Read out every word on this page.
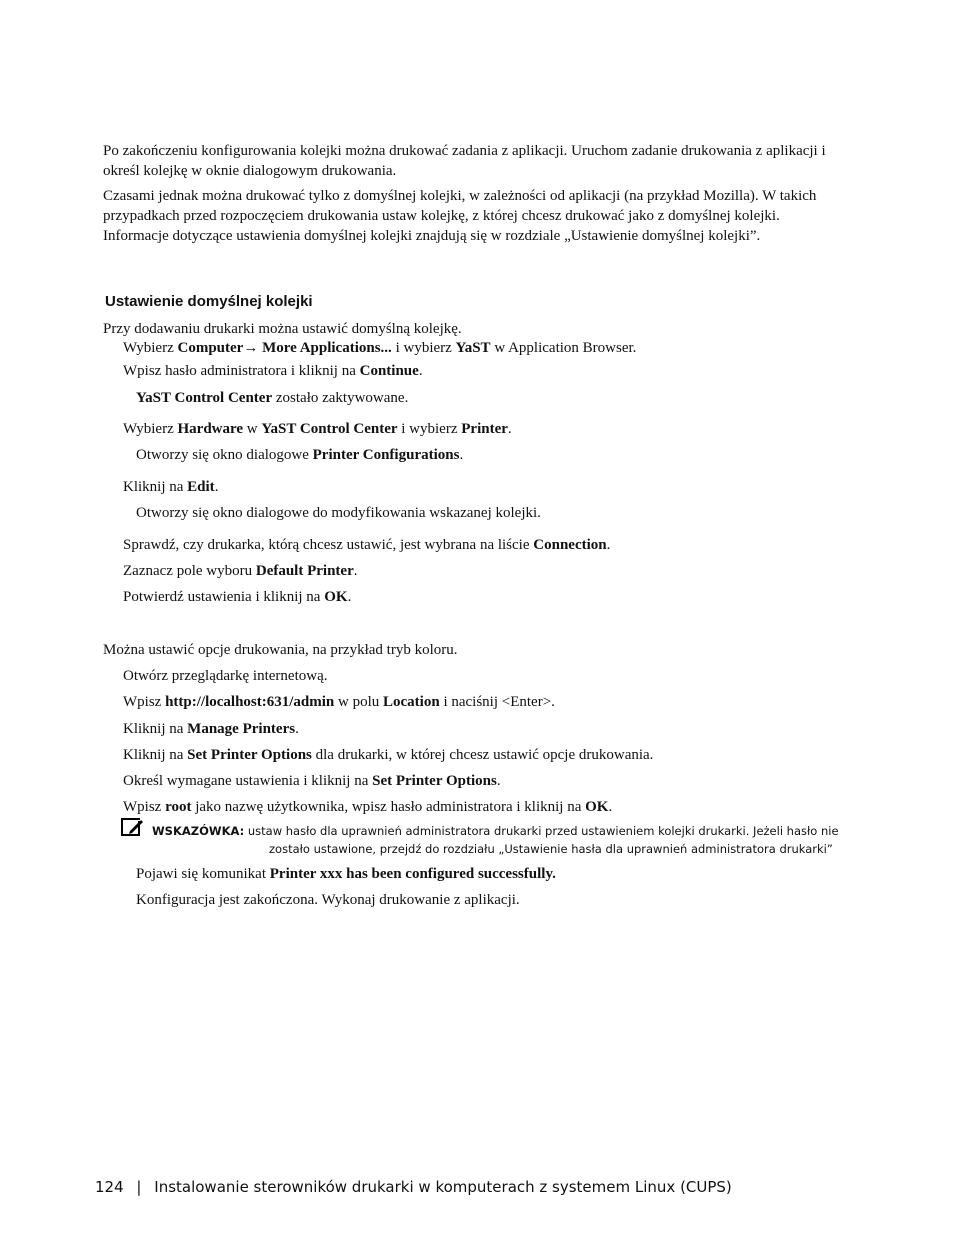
Po zakończeniu konfigurowania kolejki można drukować zadania z aplikacji. Uruchom zadanie drukowania z aplikacji i określ kolejkę w oknie dialogowym drukowania.

Czasami jednak można drukować tylko z domyślnej kolejki, w zależności od aplikacji (na przykład Mozilla). W takich przypadkach przed rozpoczęciem drukowania ustaw kolejkę, z której chcesz drukować jako z domyślnej kolejki. Informacje dotyczące ustawienia domyślnej kolejki znajdują się w rozdziale „Ustawienie domyślnej kolejki”.

Ustawienie domyślnej kolejki
Przy dodawaniu drukarki można ustawić domyślną kolejkę.
Wybierz Computer→ More Applications... i wybierz YaST w Application Browser.
Wpisz hasło administratora i kliknij na Continue.
YaST Control Center zostało zaktywowane.
Wybierz Hardware w YaST Control Center i wybierz Printer.
Otworzy się okno dialogowe Printer Configurations.
Kliknij na Edit.
Otworzy się okno dialogowe do modyfikowania wskazanej kolejki.
Sprawdź, czy drukarka, którą chcesz ustawić, jest wybrana na liście Connection.
Zaznacz pole wyboru Default Printer.
Potwierdź ustawienia i kliknij na OK.
Można ustawić opcje drukowania, na przykład tryb koloru.
Otwórz przeglądarkę internetową.
Wpisz http://localhost:631/admin w polu Location i naciśnij <Enter>.
Kliknij na Manage Printers.
Kliknij na Set Printer Options dla drukarki, w której chcesz ustawić opcje drukowania.
Określ wymagane ustawienia i kliknij na Set Printer Options.
Wpisz root jako nazwę użytkownika, wpisz hasło administratora i kliknij na OK.
WSKAZÓWKA: ustaw hasło dla uprawnień administratora drukarki przed ustawieniem kolejki drukarki. Jeżeli hasło nie
zostało ustawione, przejdź do rozdziału „Ustawienie hasła dla uprawnień administratora drukarki”
Pojawi się komunikat Printer xxx has been configured successfully.
Konfiguracja jest zakończona. Wykonaj drukowanie z aplikacji.
124 | Instalowanie sterowników drukarki w komputerach z systemem Linux (CUPS)
